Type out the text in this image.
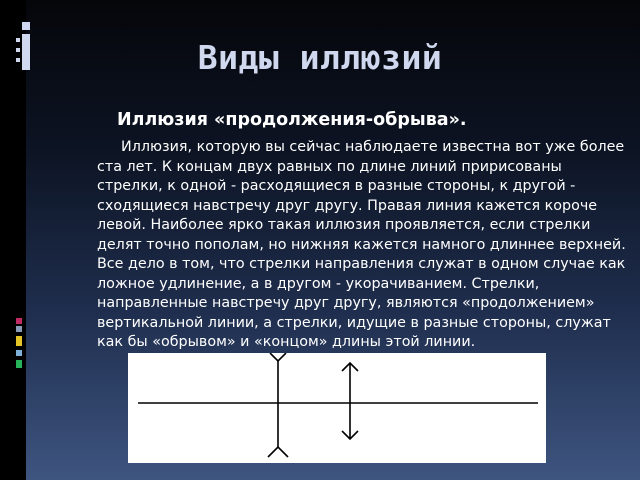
Виды иллюзий

Иллюзия «продолжения-обрыва».

Иллюзия, которую вы сейчас наблюдаете известна вот уже более ста лет. К концам двух равных по длине линий пририсованы стрелки, к одной - расходящиеся в разные стороны, к другой - сходящиеся навстречу друг другу. Правая линия кажется короче левой. Наиболее ярко такая иллюзия проявляется, если стрелки делят точно пополам, но нижняя кажется намного длиннее верхней. Все дело в том, что стрелки направления служат в одном случае как ложное удлинение, а в другом - укорачиванием. Стрелки, направленные навстречу друг другу, являются «продолжением» вертикальной линии, а стрелки, идущие в разные стороны, служат как бы «обрывом» и «концом» длины этой линии.
